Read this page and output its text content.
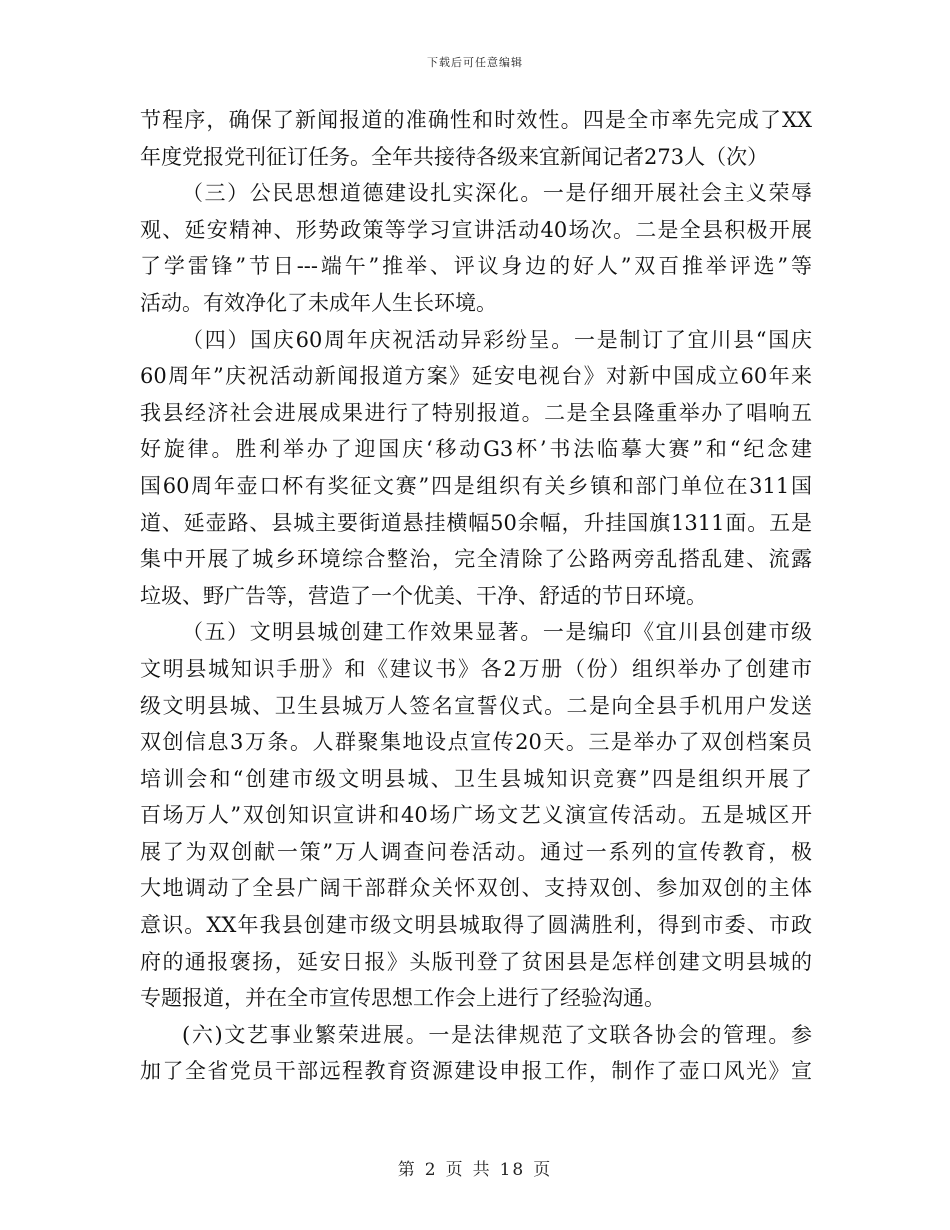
下载后可任意编辑
节程序，确保了新闻报道的准确性和时效性。四是全市率先完成了XX
年度党报党刊征订任务。全年共接待各级来宜新闻记者273人（次）
（三）公民思想道德建设扎实深化。一是仔细开展社会主义荣辱
观、延安精神、形势政策等学习宣讲活动40场次。二是全县积极开展
了学雷锋”节日---端午”推举、评议身边的好人”双百推举评选”等
活动。有效净化了未成年人生长环境。
（四）国庆60周年庆祝活动异彩纷呈。一是制订了宜川县“国庆
60周年”庆祝活动新闻报道方案》延安电视台》对新中国成立60年来
我县经济社会进展成果进行了特别报道。二是全县隆重举办了唱响五
好旋律。胜利举办了迎国庆‘移动G3杯’书法临摹大赛”和“纪念建
国60周年壶口杯有奖征文赛”四是组织有关乡镇和部门单位在311国
道、延壶路、县城主要街道悬挂横幅50余幅，升挂国旗1311面。五是
集中开展了城乡环境综合整治，完全清除了公路两旁乱搭乱建、流露
垃圾、野广告等，营造了一个优美、干净、舒适的节日环境。
（五）文明县城创建工作效果显著。一是编印《宜川县创建市级
文明县城知识手册》和《建议书》各2万册（份）组织举办了创建市
级文明县城、卫生县城万人签名宣誓仪式。二是向全县手机用户发送
双创信息3万条。人群聚集地设点宣传20天。三是举办了双创档案员
培训会和“创建市级文明县城、卫生县城知识竞赛”四是组织开展了
百场万人”双创知识宣讲和40场广场文艺义演宣传活动。五是城区开
展了为双创献一策”万人调查问卷活动。通过一系列的宣传教育，极
大地调动了全县广阔干部群众关怀双创、支持双创、参加双创的主体
意识。XX年我县创建市级文明县城取得了圆满胜利，得到市委、市政
府的通报褒扬，延安日报》头版刊登了贫困县是怎样创建文明县城的
专题报道，并在全市宣传思想工作会上进行了经验沟通。
(六)文艺事业繁荣进展。一是法律规范了文联各协会的管理。参
加了全省党员干部远程教育资源建设申报工作，制作了壶口风光》宣
第 2 页 共 18 页
